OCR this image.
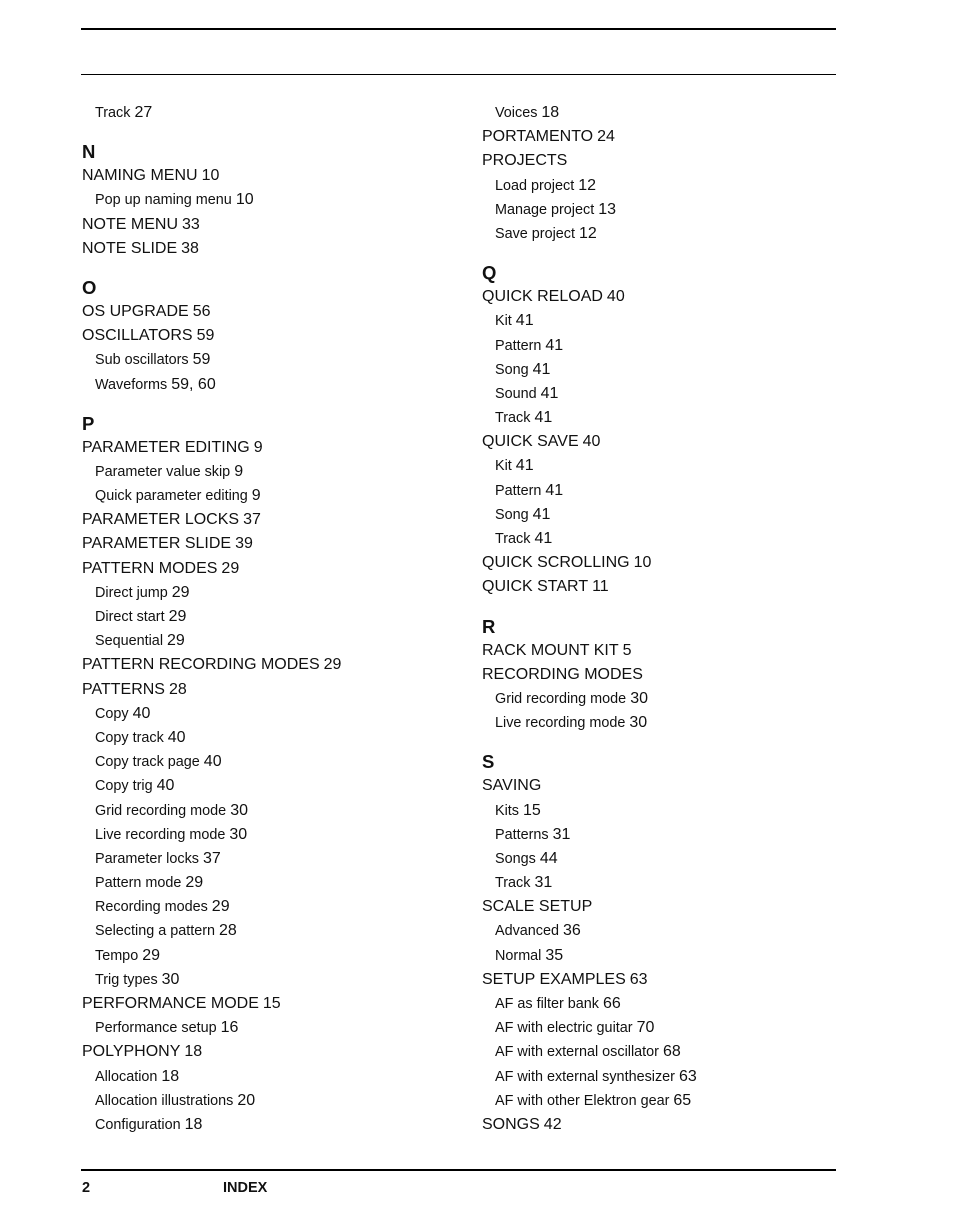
Track 27
N
NAMING MENU 10
Pop up naming menu 10
NOTE MENU 33
NOTE SLIDE 38
O
OS UPGRADE 56
OSCILLATORS 59
Sub oscillators 59
Waveforms 59, 60
P
PARAMETER EDITING 9
Parameter value skip 9
Quick parameter editing 9
PARAMETER LOCKS 37
PARAMETER SLIDE 39
PATTERN MODES 29
Direct jump 29
Direct start 29
Sequential 29
PATTERN RECORDING MODES 29
PATTERNS 28
Copy 40
Copy track 40
Copy track page 40
Copy trig 40
Grid recording mode 30
Live recording mode 30
Parameter locks 37
Pattern mode 29
Recording modes 29
Selecting a pattern 28
Tempo 29
Trig types 30
PERFORMANCE MODE 15
Performance setup 16
POLYPHONY 18
Allocation 18
Allocation illustrations 20
Configuration 18
Voices 18
PORTAMENTO 24
PROJECTS
Load project 12
Manage project 13
Save project 12
Q
QUICK RELOAD 40
Kit 41
Pattern 41
Song 41
Sound 41
Track 41
QUICK SAVE 40
Kit 41
Pattern 41
Song 41
Track 41
QUICK SCROLLING 10
QUICK START 11
R
RACK MOUNT KIT 5
RECORDING MODES
Grid recording mode 30
Live recording mode 30
S
SAVING
Kits 15
Patterns 31
Songs 44
Track 31
SCALE SETUP
Advanced 36
Normal 35
SETUP EXAMPLES 63
AF as filter bank 66
AF with electric guitar 70
AF with external oscillator 68
AF with external synthesizer 63
AF with other Elektron gear 65
SONGS 42
2	INDEX
